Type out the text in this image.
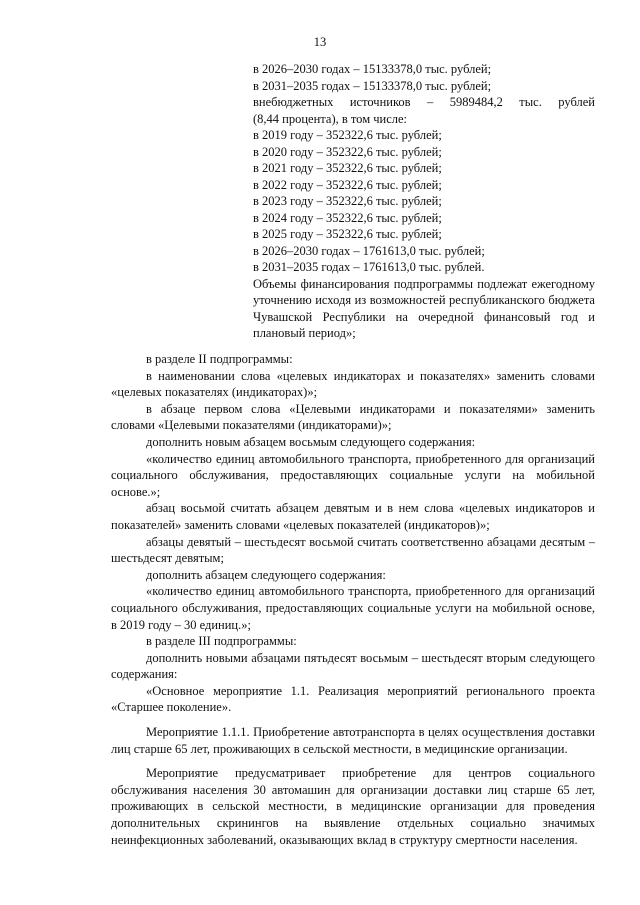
13
в 2026–2030 годах – 15133378,0 тыс. рублей;
в 2031–2035 годах – 15133378,0 тыс. рублей;
внебюджетных источников – 5989484,2 тыс. рублей
(8,44 процента), в том числе:
в 2019 году – 352322,6 тыс. рублей;
в 2020 году – 352322,6 тыс. рублей;
в 2021 году – 352322,6 тыс. рублей;
в 2022 году – 352322,6 тыс. рублей;
в 2023 году – 352322,6 тыс. рублей;
в 2024 году – 352322,6 тыс. рублей;
в 2025 году – 352322,6 тыс. рублей;
в 2026–2030 годах – 1761613,0 тыс. рублей;
в 2031–2035 годах – 1761613,0 тыс. рублей.

Объемы финансирования подпрограммы подлежат ежегодному уточнению исходя из возможностей республиканского бюджета Чувашской Республики на очередной финансовый год и плановый период»;

в разделе II подпрограммы:

в наименовании слова «целевых индикаторах и показателях» заменить словами «целевых показателях (индикаторах)»;

в абзаце первом слова «Целевыми индикаторами и показателями» заменить словами «Целевыми показателями (индикаторами)»;

дополнить новым абзацем восьмым следующего содержания:

«количество единиц автомобильного транспорта, приобретенного для организаций социального обслуживания, предоставляющих социальные услуги на мобильной основе.»;

абзац восьмой считать абзацем девятым и в нем слова «целевых индикаторов и показателей» заменить словами «целевых показателей (индикаторов)»;

абзацы девятый – шестьдесят восьмой считать соответственно абзацами десятым – шестьдесят девятым;

дополнить абзацем следующего содержания:

«количество единиц автомобильного транспорта, приобретенного для организаций социального обслуживания, предоставляющих социальные услуги на мобильной основе, в 2019 году – 30 единиц.»;

в разделе III подпрограммы:

дополнить новыми абзацами пятьдесят восьмым – шестьдесят вторым следующего содержания:

«Основное мероприятие 1.1. Реализация мероприятий регионального проекта «Старшее поколение».

Мероприятие 1.1.1. Приобретение автотранспорта в целях осуществления доставки лиц старше 65 лет, проживающих в сельской местности, в медицинские организации.

Мероприятие предусматривает приобретение для центров социального обслуживания населения 30 автомашин для организации доставки лиц старше 65 лет, проживающих в сельской местности, в медицинские организации для проведения дополнительных скринингов на выявление отдельных социально значимых неинфекционных заболеваний, оказывающих вклад в структуру смертности населения.
